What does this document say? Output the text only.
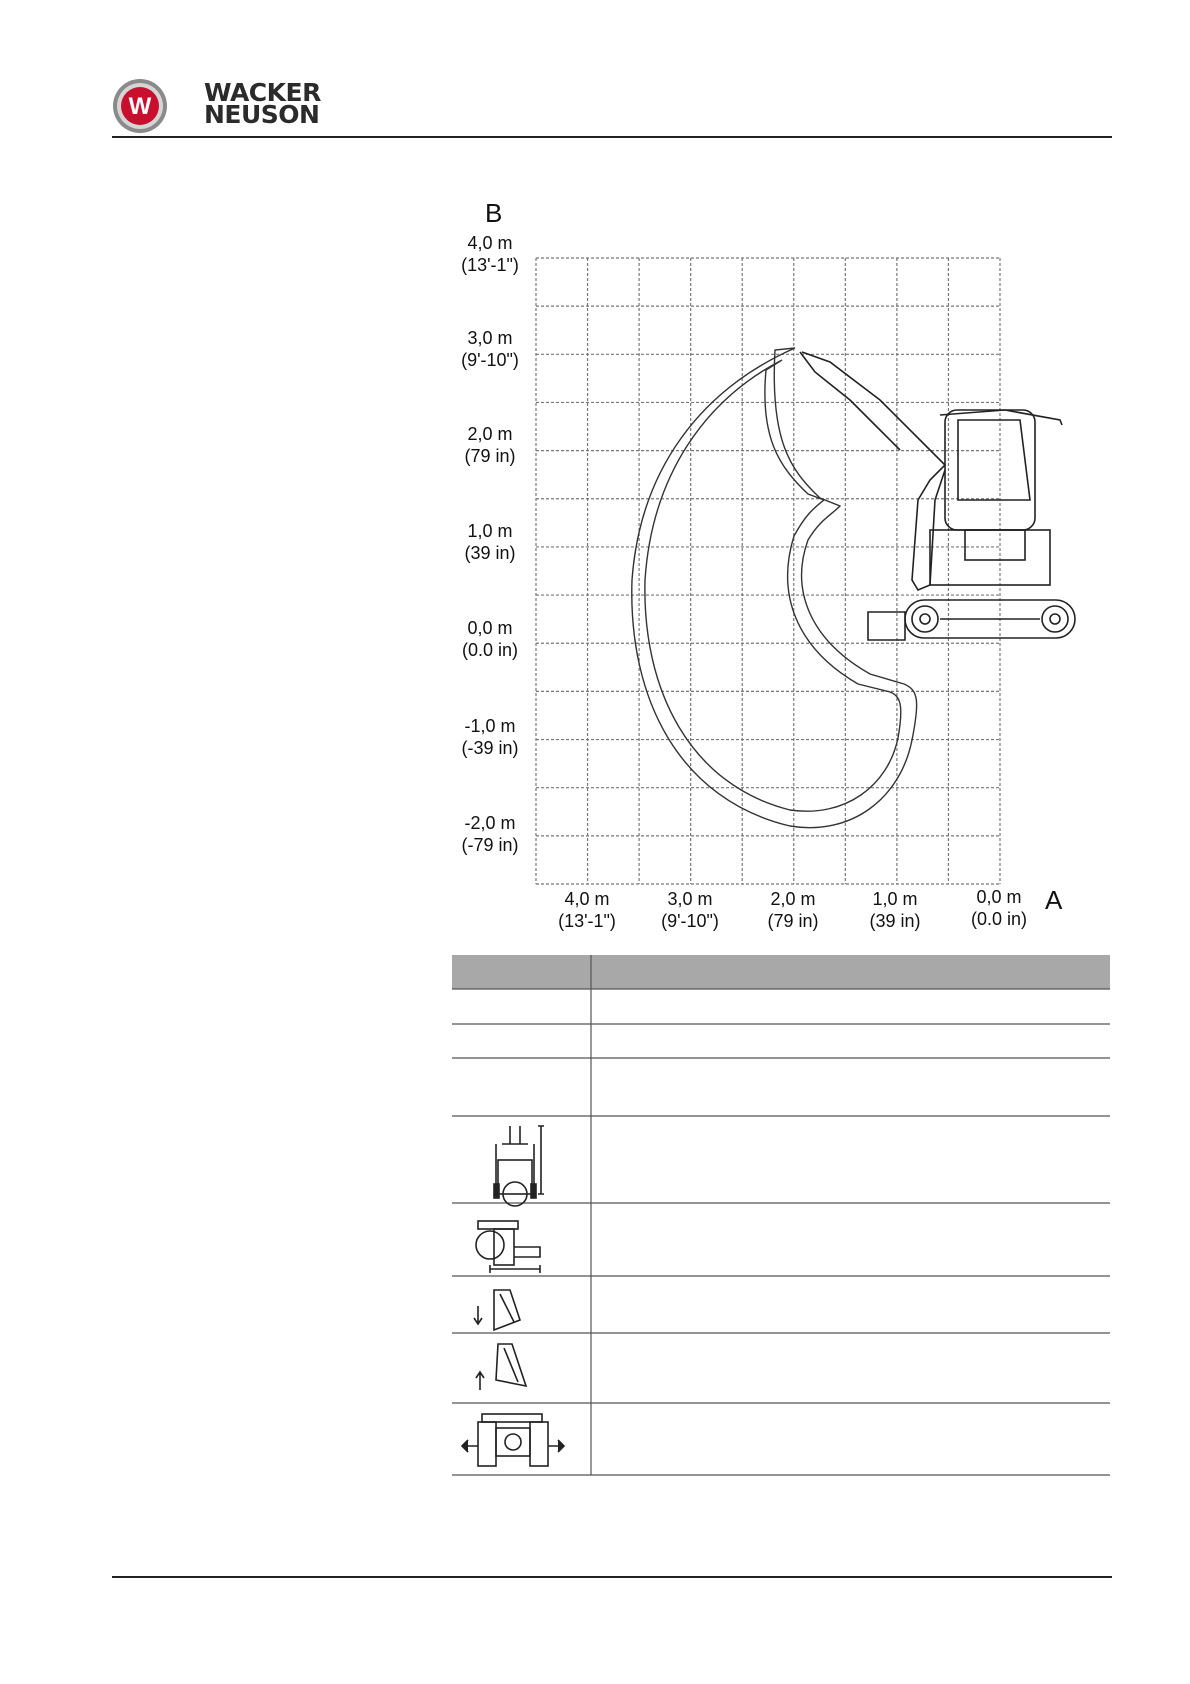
W WACKER
NEUSON
B
A
4,0 m
(13'-1")
3,0 m
(9'-10")
2,0 m
(79 in)
1,0 m
(39 in)
0,0 m
(0.0 in)
-1,0 m
(-39 in)
-2,0 m
(-79 in)
4,0 m
(13'-1")
3,0 m
(9'-10")
2,0 m
(79 in)
1,0 m
(39 in)
0,0 m
(0.0 in)
